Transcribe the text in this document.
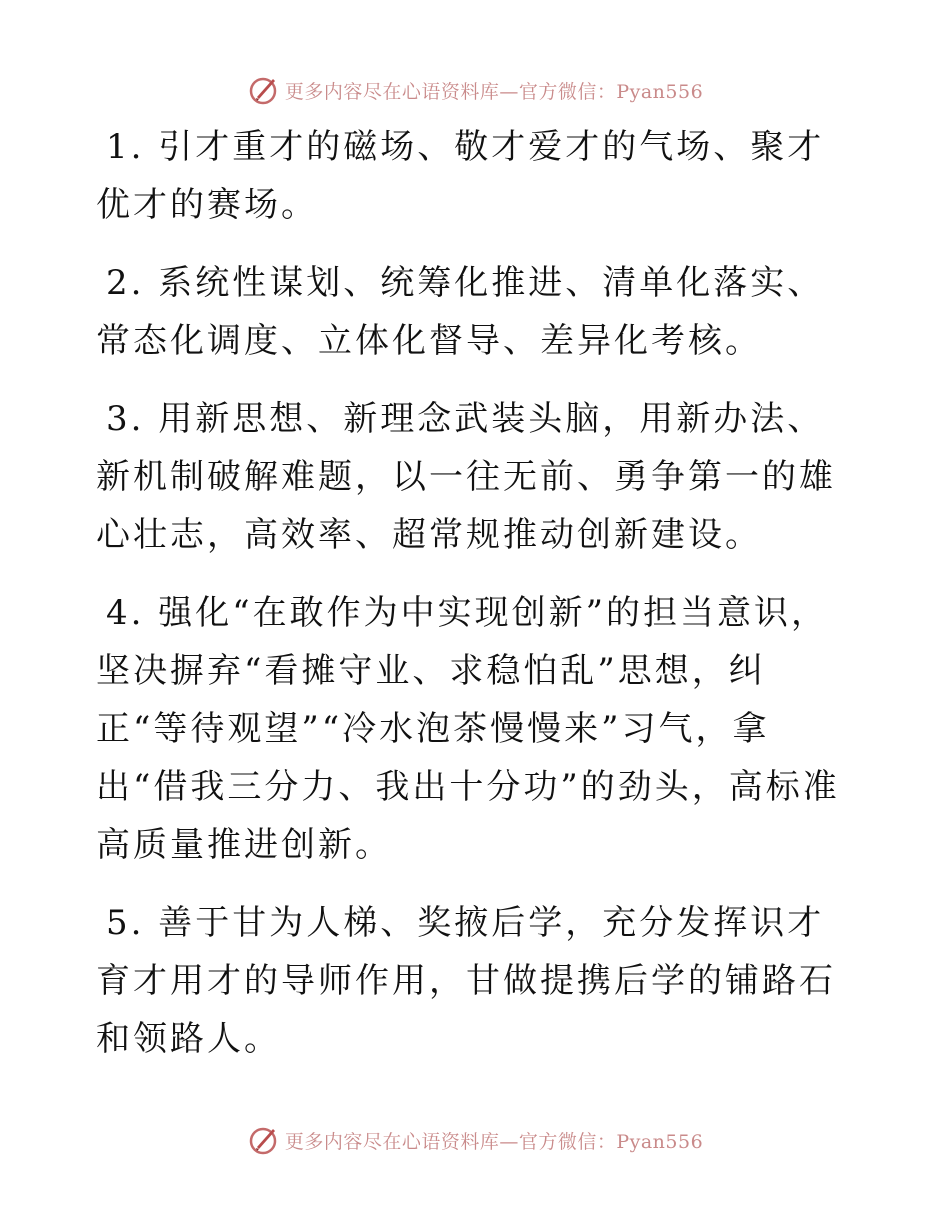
更多内容尽在心语资料库—官方微信：Pyan556

1. 引才重才的磁场、敬才爱才的气场、聚才优才的赛场。

2. 系统性谋划、统筹化推进、清单化落实、常态化调度、立体化督导、差异化考核。

3. 用新思想、新理念武装头脑，用新办法、新机制破解难题，以一往无前、勇争第一的雄心壮志，高效率、超常规推动创新建设。

4. 强化“在敢作为中实现创新”的担当意识，坚决摒弃“看摊守业、求稳怕乱”思想，纠正“等待观望”“冷水泡茶慢慢来”习气，拿出“借我三分力、我出十分功”的劲头，高标准高质量推进创新。

5. 善于甘为人梯、奖掖后学，充分发挥识才育才用才的导师作用，甘做提携后学的铺路石和领路人。

更多内容尽在心语资料库—官方微信：Pyan556
